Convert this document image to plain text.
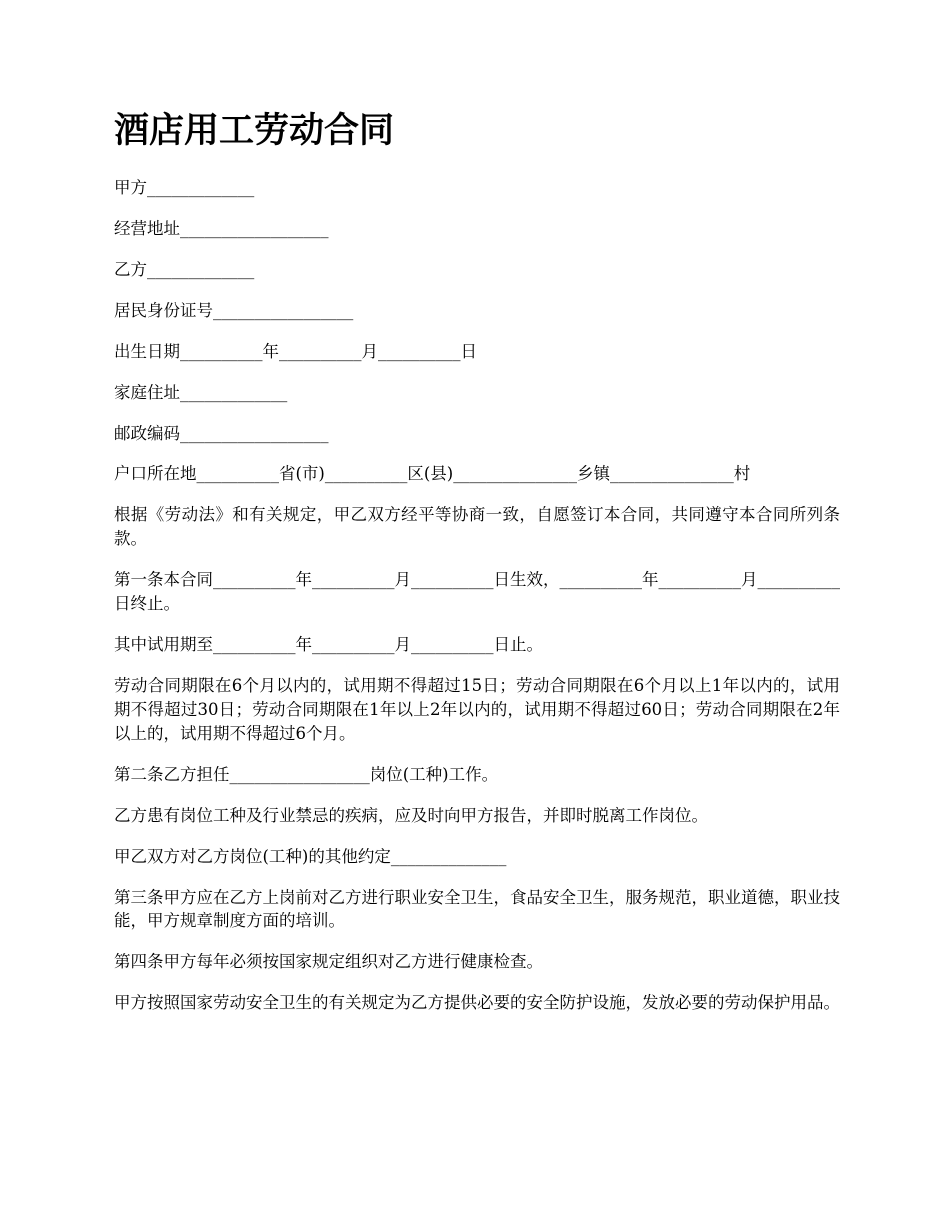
酒店用工劳动合同

甲方_____________

经营地址__________________

乙方_____________

居民身份证号_________________

出生日期__________年__________月__________日

家庭住址_____________

邮政编码__________________

户口所在地__________省(市)__________区(县)_______________乡镇_______________村

根据《劳动法》和有关规定，甲乙双方经平等协商一致，自愿签订本合同，共同遵守本合同所列条款。

第一条本合同__________年__________月__________日生效，__________年__________月__________日终止。

其中试用期至__________年__________月__________日止。

劳动合同期限在6个月以内的，试用期不得超过15日；劳动合同期限在6个月以上1年以内的，试用期不得超过30日；劳动合同期限在1年以上2年以内的，试用期不得超过60日；劳动合同期限在2年以上的，试用期不得超过6个月。

第二条乙方担任_________________岗位(工种)工作。

乙方患有岗位工种及行业禁忌的疾病，应及时向甲方报告，并即时脱离工作岗位。

甲乙双方对乙方岗位(工种)的其他约定______________

第三条甲方应在乙方上岗前对乙方进行职业安全卫生，食品安全卫生，服务规范，职业道德，职业技能，甲方规章制度方面的培训。

第四条甲方每年必须按国家规定组织对乙方进行健康检查。

甲方按照国家劳动安全卫生的有关规定为乙方提供必要的安全防护设施，发放必要的劳动保护用品。
